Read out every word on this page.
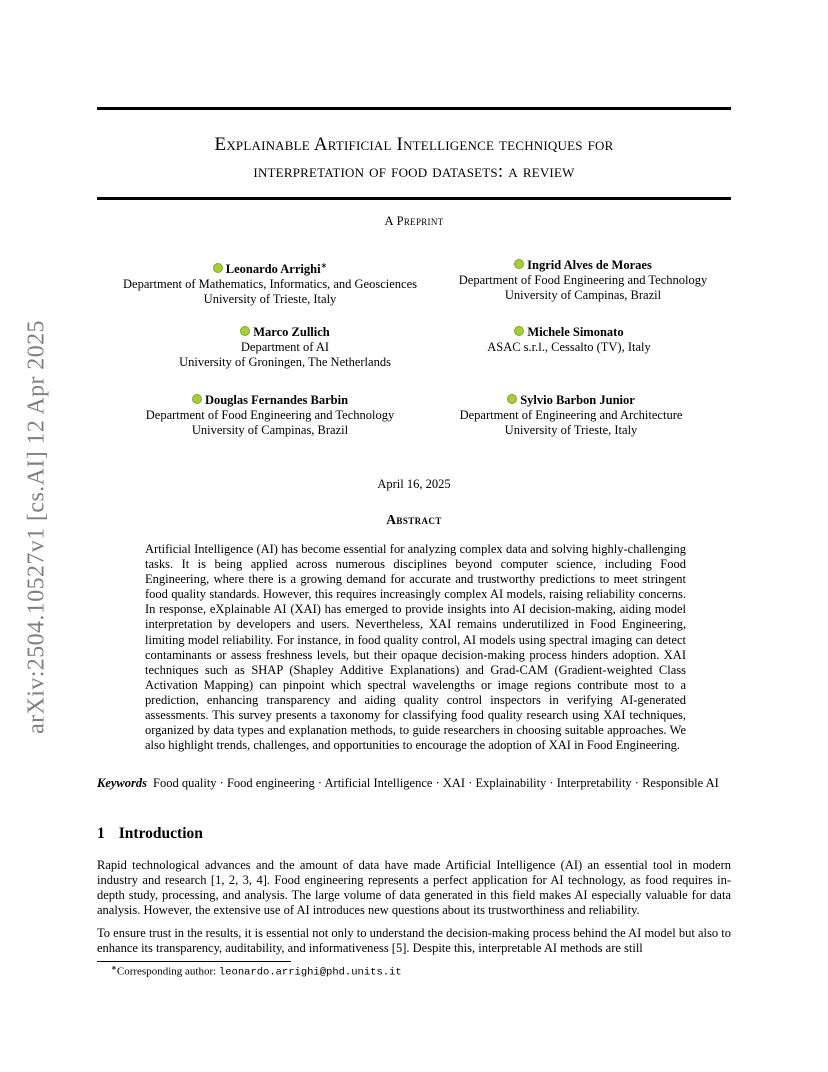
arXiv:2504.10527v1 [cs.AI] 12 Apr 2025
Explainable Artificial Intelligence techniques for
interpretation of food datasets: a review
A Preprint
Leonardo Arrighi∗
Department of Mathematics, Informatics, and Geosciences
University of Trieste, Italy
Ingrid Alves de Moraes
Department of Food Engineering and Technology
University of Campinas, Brazil
Marco Zullich
Department of AI
University of Groningen, The Netherlands
Michele Simonato
ASAC s.r.l., Cessalto (TV), Italy
Douglas Fernandes Barbin
Department of Food Engineering and Technology
University of Campinas, Brazil
Sylvio Barbon Junior
Department of Engineering and Architecture
University of Trieste, Italy
April 16, 2025
Abstract
Artificial Intelligence (AI) has become essential for analyzing complex data and solving highly-challenging tasks. It is being applied across numerous disciplines beyond computer science, including Food Engineering, where there is a growing demand for accurate and trustworthy predictions to meet stringent food quality standards. However, this requires increasingly complex AI models, raising reliability concerns. In response, eXplainable AI (XAI) has emerged to provide insights into AI decision-making, aiding model interpretation by developers and users. Nevertheless, XAI remains underutilized in Food Engineering, limiting model reliability. For instance, in food quality control, AI models using spectral imaging can detect contaminants or assess freshness levels, but their opaque decision-making process hinders adoption. XAI techniques such as SHAP (Shapley Additive Explanations) and Grad-CAM (Gradient-weighted Class Activation Mapping) can pinpoint which spectral wavelengths or image regions contribute most to a prediction, enhancing transparency and aiding quality control inspectors in verifying AI-generated assessments. This survey presents a taxonomy for classifying food quality research using XAI techniques, organized by data types and explanation methods, to guide researchers in choosing suitable approaches. We also highlight trends, challenges, and opportunities to encourage the adoption of XAI in Food Engineering.
Keywords Food quality · Food engineering · Artificial Intelligence · XAI · Explainability · Interpretability · Responsible AI
1 Introduction
Rapid technological advances and the amount of data have made Artificial Intelligence (AI) an essential tool in modern industry and research [1, 2, 3, 4]. Food engineering represents a perfect application for AI technology, as food requires in-depth study, processing, and analysis. The large volume of data generated in this field makes AI especially valuable for data analysis. However, the extensive use of AI introduces new questions about its trustworthiness and reliability.
To ensure trust in the results, it is essential not only to understand the decision-making process behind the AI model but also to enhance its transparency, auditability, and informativeness [5]. Despite this, interpretable AI methods are still
∗Corresponding author: leonardo.arrighi@phd.units.it
